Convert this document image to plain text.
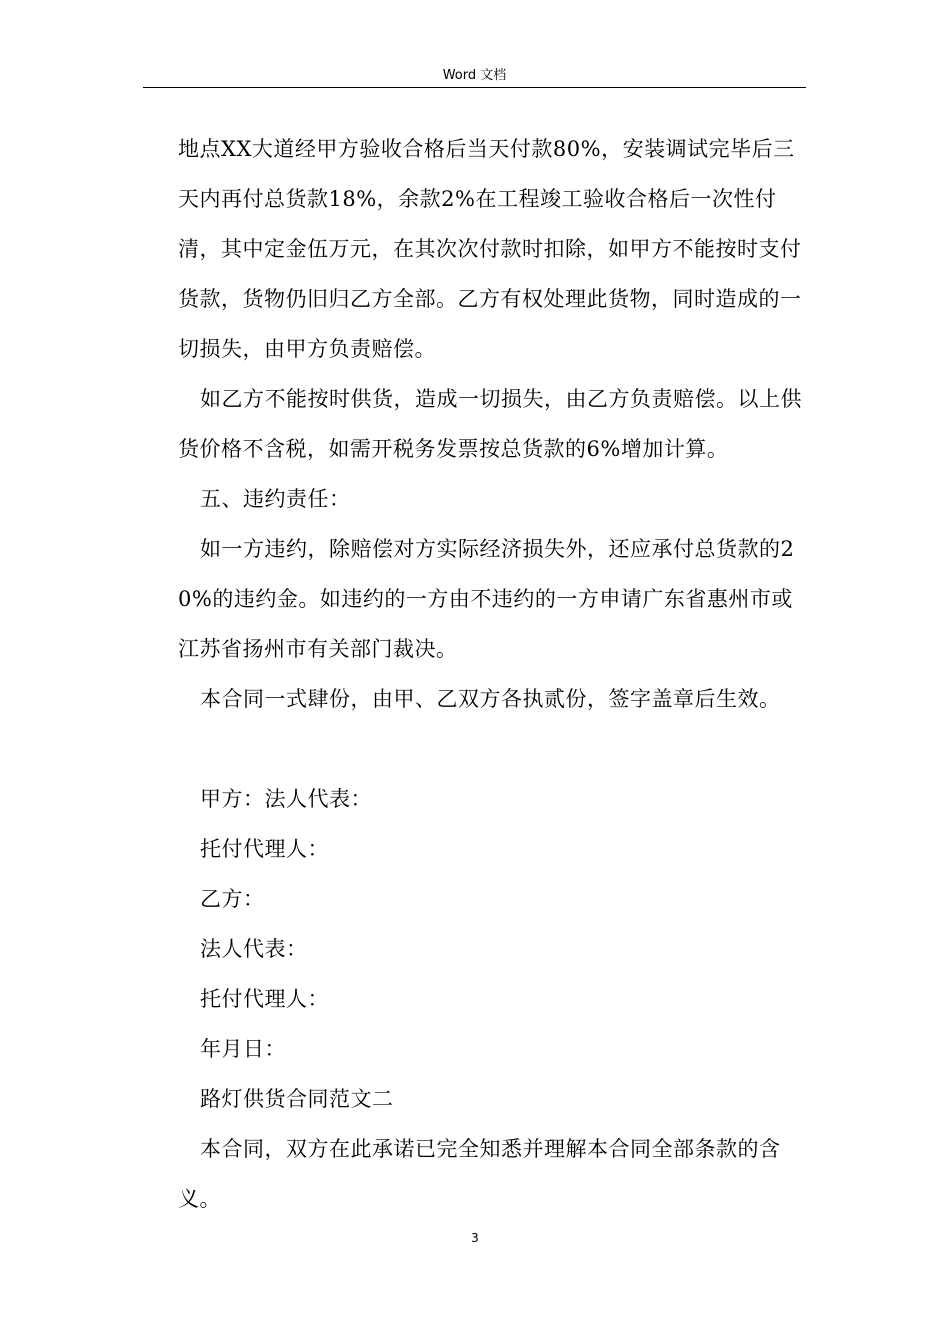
Word 文档

地点XX大道经甲方验收合格后当天付款80%，安装调试完毕后三天内再付总货款18%，余款2%在工程竣工验收合格后一次性付清，其中定金伍万元，在其次次付款时扣除，如甲方不能按时支付货款，货物仍旧归乙方全部。乙方有权处理此货物，同时造成的一切损失，由甲方负责赔偿。

如乙方不能按时供货，造成一切损失，由乙方负责赔偿。以上供货价格不含税，如需开税务发票按总货款的6%增加计算。

五、违约责任：

如一方违约，除赔偿对方实际经济损失外，还应承付总货款的20%的违约金。如违约的一方由不违约的一方申请广东省惠州市或江苏省扬州市有关部门裁决。

本合同一式肆份，由甲、乙双方各执贰份，签字盖章后生效。

甲方：法人代表：

托付代理人：

乙方：

法人代表：

托付代理人：

年月日：

路灯供货合同范文二

本合同，双方在此承诺已完全知悉并理解本合同全部条款的含义。

3
